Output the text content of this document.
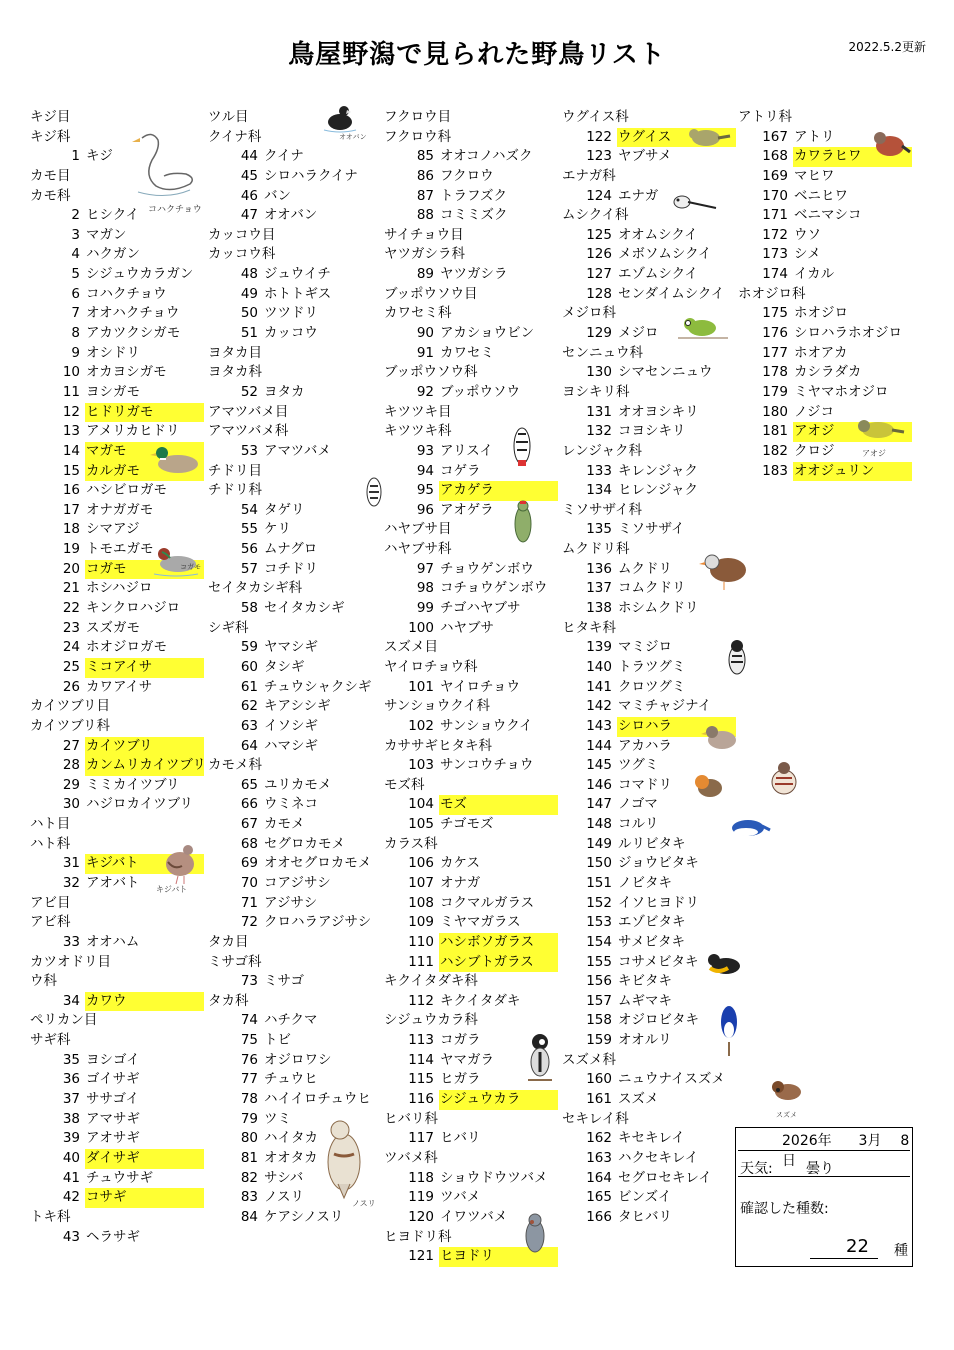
鳥屋野潟で見られた野鳥リスト	2022.5.2更新
キジ目
キジ科
1 キジ
カモ目
カモ科
2 ヒシクイ
3 マガン
4 ハクガン
5 シジュウカラガン
6 コハクチョウ
7 オオハクチョウ
8 アカツクシガモ
9 オシドリ
10 オカヨシガモ
11 ヨシガモ
12 ヒドリガモ
13 アメリカヒドリ
14 マガモ
15 カルガモ
16 ハシビロガモ
17 オナガガモ
18 シマアジ
19 トモエガモ
20 コガモ
21 ホシハジロ
22 キンクロハジロ
23 スズガモ
24 ホオジロガモ
25 ミコアイサ
26 カワアイサ
カイツブリ目
カイツブリ科
27 カイツブリ
28 カンムリカイツブリ
29 ミミカイツブリ
30 ハジロカイツブリ
ハト目
ハト科
31 キジバト
32 アオバト
アビ目
アビ科
33 オオハム
カツオドリ目
ウ科
34 カワウ
ペリカン目
サギ科
35 ヨシゴイ
36 ゴイサギ
37 ササゴイ
38 アマサギ
39 アオサギ
40 ダイサギ
41 チュウサギ
42 コサギ
トキ科
43 ヘラサギ
ツル目
クイナ科
44 クイナ
45 シロハラクイナ
46 バン
47 オオバン
カッコウ目
カッコウ科
48 ジュウイチ
49 ホトトギス
50 ツツドリ
51 カッコウ
ヨタカ目
ヨタカ科
52 ヨタカ
アマツバメ目
アマツバメ科
53 アマツバメ
チドリ目
チドリ科
54 タゲリ
55 ケリ
56 ムナグロ
57 コチドリ
セイタカシギ科
58 セイタカシギ
シギ科
59 ヤマシギ
60 タシギ
61 チュウシャクシギ
62 キアシシギ
63 イソシギ
64 ハマシギ
カモメ科
65 ユリカモメ
66 ウミネコ
67 カモメ
68 セグロカモメ
69 オオセグロカモメ
70 コアジサシ
71 アジサシ
72 クロハラアジサシ
タカ目
ミサゴ科
73 ミサゴ
タカ科
74 ハチクマ
75 トビ
76 オジロワシ
77 チュウヒ
78 ハイイロチュウヒ
79 ツミ
80 ハイタカ
81 オオタカ
82 サシバ
83 ノスリ
84 ケアシノスリ
フクロウ目
フクロウ科
85 オオコノハズク
86 フクロウ
87 トラフズク
88 コミミズク
サイチョウ目
ヤツガシラ科
89 ヤツガシラ
ブッポウソウ目
カワセミ科
90 アカショウビン
91 カワセミ
ブッポウソウ科
92 ブッポウソウ
キツツキ目
キツツキ科
93 アリスイ
94 コゲラ
95 アカゲラ
96 アオゲラ
ハヤブサ目
ハヤブサ科
97 チョウゲンボウ
98 コチョウゲンボウ
99 チゴハヤブサ
100 ハヤブサ
スズメ目
ヤイロチョウ科
101 ヤイロチョウ
サンショウクイ科
102 サンショウクイ
カササギヒタキ科
103 サンコウチョウ
モズ科
104 モズ
105 チゴモズ
カラス科
106 カケス
107 オナガ
108 コクマルガラス
109 ミヤマガラス
110 ハシボソガラス
111 ハシブトガラス
キクイタダキ科
112 キクイタダキ
シジュウカラ科
113 コガラ
114 ヤマガラ
115 ヒガラ
116 シジュウカラ
ヒバリ科
117 ヒバリ
ツバメ科
118 ショウドウツバメ
119 ツバメ
120 イワツバメ
ヒヨドリ科
121 ヒヨドリ
ウグイス科
122 ウグイス
123 ヤブサメ
エナガ科
124 エナガ
ムシクイ科
125 オオムシクイ
126 メボソムシクイ
127 エゾムシクイ
128 センダイムシクイ
メジロ科
129 メジロ
センニュウ科
130 シマセンニュウ
ヨシキリ科
131 オオヨシキリ
132 コヨシキリ
レンジャク科
133 キレンジャク
134 ヒレンジャク
ミソサザイ科
135 ミソサザイ
ムクドリ科
136 ムクドリ
137 コムクドリ
138 ホシムクドリ
ヒタキ科
139 マミジロ
140 トラツグミ
141 クロツグミ
142 マミチャジナイ
143 シロハラ
144 アカハラ
145 ツグミ
146 コマドリ
147 ノゴマ
148 コルリ
149 ルリビタキ
150 ジョウビタキ
151 ノビタキ
152 イソヒヨドリ
153 エゾビタキ
154 サメビタキ
155 コサメビタキ
156 キビタキ
157 ムギマキ
158 オジロビタキ
159 オオルリ
スズメ科
160 ニュウナイスズメ
161 スズメ
セキレイ科
162 キセキレイ
163 ハクセキレイ
164 セグロセキレイ
165 ビンズイ
166 タヒバリ
アトリ科
167 アトリ
168 カワラヒワ
169 マヒワ
170 ベニヒワ
171 ベニマシコ
172 ウソ
173 シメ
174 イカル
ホオジロ科
175 ホオジロ
176 シロハラホオジロ
177 ホオアカ
178 カシラダカ
179 ミヤマホオジロ
180 ノジコ
181 アオジ
182 クロジ
183 オオジュリン
コハクチョウ
オオバン
コガモ
キジバト
ノスリ
スズメ
アオジ
2026年 3月 8日
天気: 曇り
確認した種数:
22 種
